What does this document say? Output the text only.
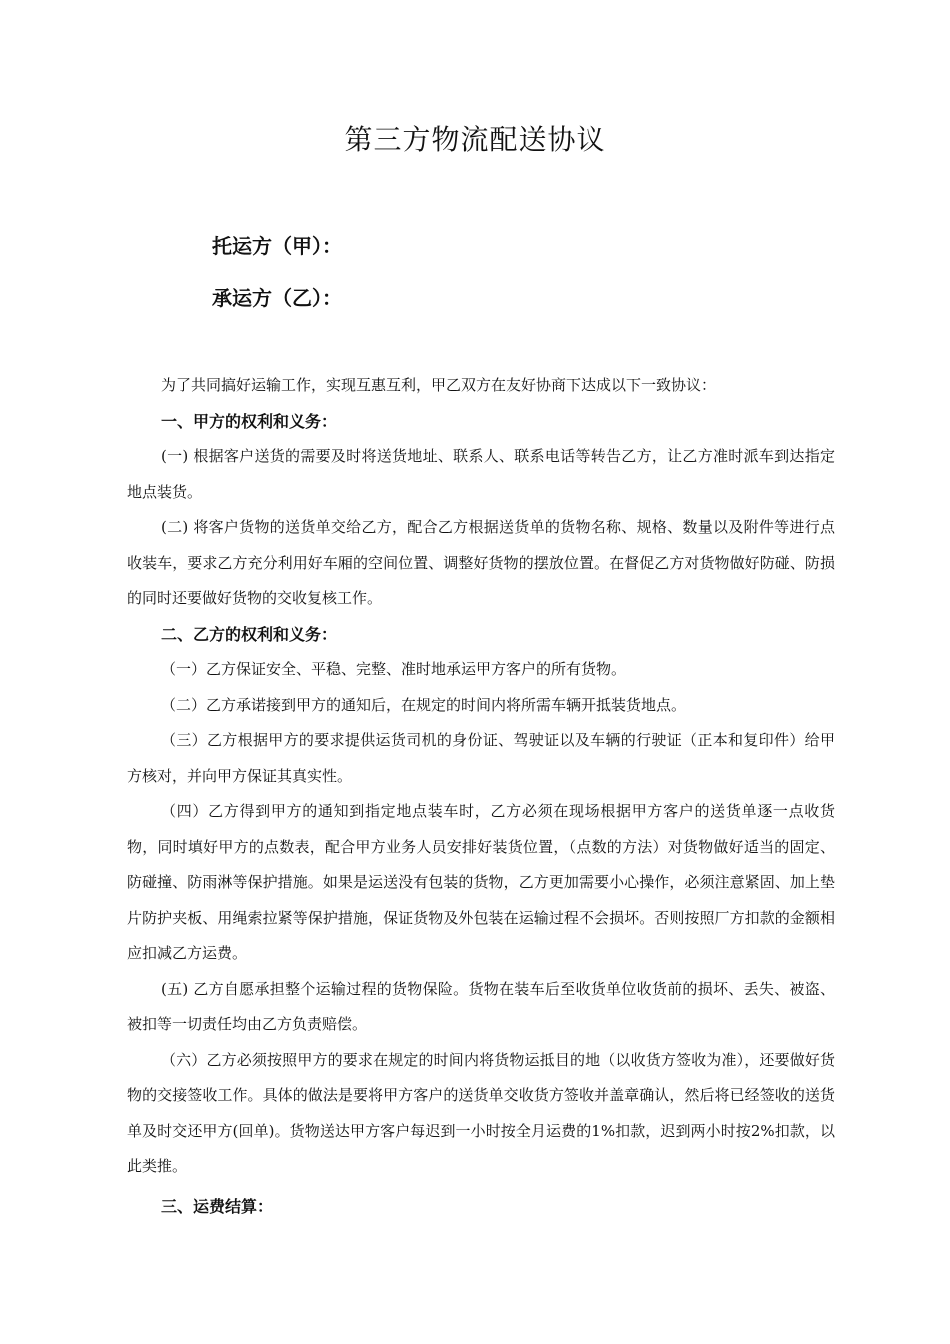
第三方物流配送协议
托运方（甲）：
承运方（乙）：

为了共同搞好运输工作，实现互惠互利，甲乙双方在友好协商下达成以下一致协议：

一、甲方的权利和义务：

(一) 根据客户送货的需要及时将送货地址、联系人、联系电话等转告乙方，让乙方准时派车到达指定地点装货。

(二) 将客户货物的送货单交给乙方，配合乙方根据送货单的货物名称、规格、数量以及附件等进行点收装车，要求乙方充分利用好车厢的空间位置、调整好货物的摆放位置。在督促乙方对货物做好防碰、防损的同时还要做好货物的交收复核工作。

二、乙方的权利和义务：

（一）乙方保证安全、平稳、完整、准时地承运甲方客户的所有货物。

（二）乙方承诺接到甲方的通知后，在规定的时间内将所需车辆开抵装货地点。

（三）乙方根据甲方的要求提供运货司机的身份证、驾驶证以及车辆的行驶证（正本和复印件）给甲方核对，并向甲方保证其真实性。

（四）乙方得到甲方的通知到指定地点装车时，乙方必须在现场根据甲方客户的送货单逐一点收货物，同时填好甲方的点数表，配合甲方业务人员安排好装货位置，（点数的方法）对货物做好适当的固定、防碰撞、防雨淋等保护措施。如果是运送没有包装的货物，乙方更加需要小心操作，必须注意紧固、加上垫片防护夹板、用绳索拉紧等保护措施，保证货物及外包装在运输过程不会损坏。否则按照厂方扣款的金额相应扣减乙方运费。

(五) 乙方自愿承担整个运输过程的货物保险。货物在装车后至收货单位收货前的损坏、丢失、被盗、被扣等一切责任均由乙方负责赔偿。

（六）乙方必须按照甲方的要求在规定的时间内将货物运抵目的地（以收货方签收为准），还要做好货物的交接签收工作。具体的做法是要将甲方客户的送货单交收货方签收并盖章确认，然后将已经签收的送货单及时交还甲方(回单)。货物送达甲方客户每迟到一小时按全月运费的1%扣款，迟到两小时按2%扣款，以此类推。

三、运费结算：
